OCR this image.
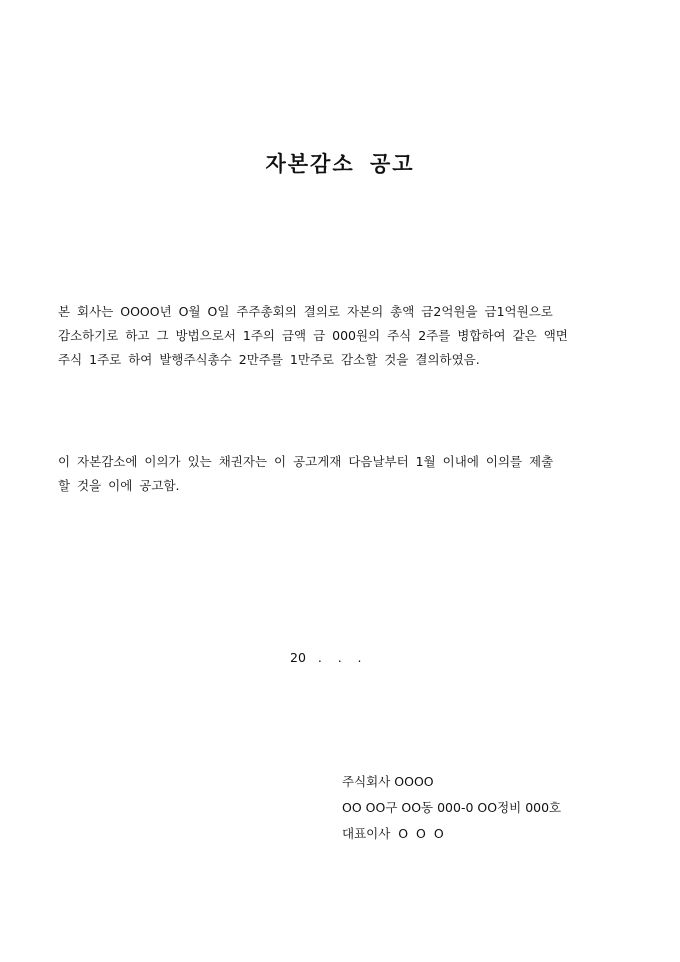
자본감소 공고
본 회사는 OOOO년 O월 O일 주주총회의 결의로 자본의 총액 금2억원을 금1억원으로
감소하기로 하고 그 방법으로서 1주의 금액 금 000원의 주식 2주를 병합하여 같은 액면
주식 1주로 하여 발행주식총수 2만주를 1만주로 감소할 것을 결의하였음.
이 자본감소에 이의가 있는 채권자는 이 공고게재 다음날부터 1월 이내에 이의를 제출
할 것을 이에 공고함.
20   .    .    .
주식회사 OOOO
OO OO구 OO동 000-0 OO정비 000호
대표이사  O  O  O
